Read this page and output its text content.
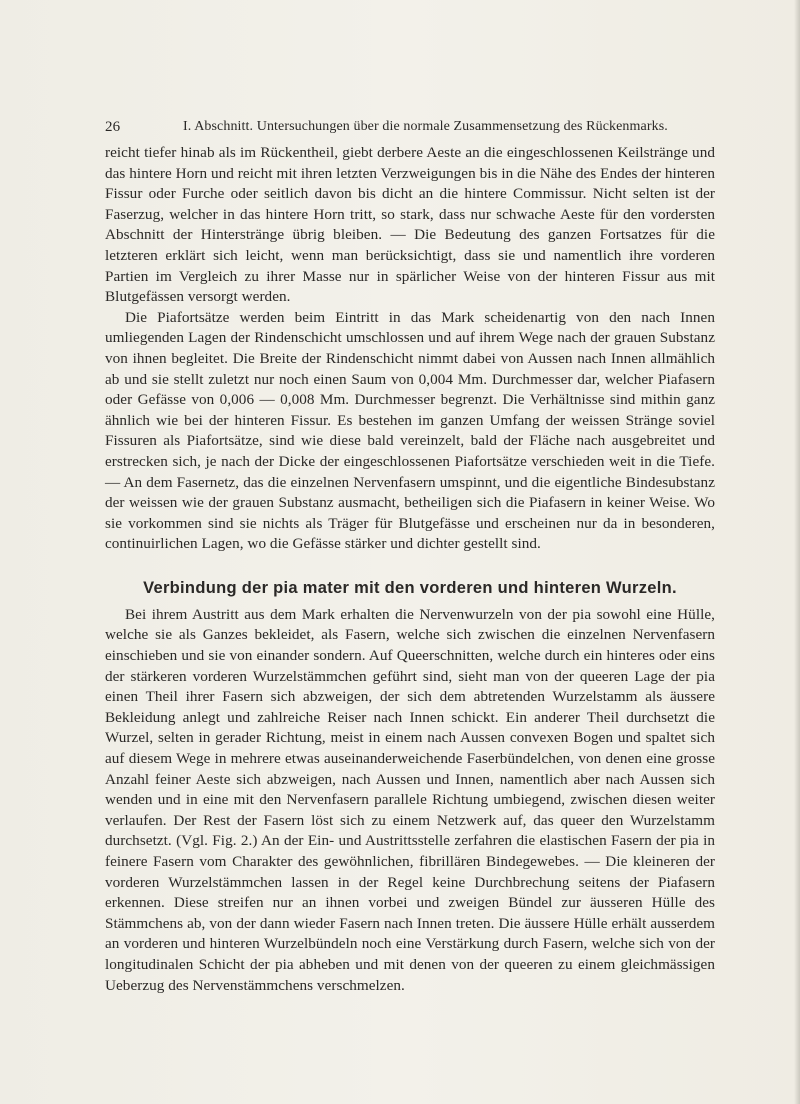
26	I. Abschnitt. Untersuchungen über die normale Zusammensetzung des Rückenmarks.

reicht tiefer hinab als im Rückentheil, giebt derbere Aeste an die eingeschlossenen Keilstränge und das hintere Horn und reicht mit ihren letzten Verzweigungen bis in die Nähe des Endes der hinteren Fissur oder Furche oder seitlich davon bis dicht an die hintere Commissur. Nicht selten ist der Faserzug, welcher in das hintere Horn tritt, so stark, dass nur schwache Aeste für den vordersten Abschnitt der Hinterstränge übrig bleiben. — Die Bedeutung des ganzen Fortsatzes für die letzteren erklärt sich leicht, wenn man berücksichtigt, dass sie und namentlich ihre vorderen Partien im Vergleich zu ihrer Masse nur in spärlicher Weise von der hinteren Fissur aus mit Blutgefässen versorgt werden.

Die Piafortsätze werden beim Eintritt in das Mark scheidenartig von den nach Innen umliegenden Lagen der Rindenschicht umschlossen und auf ihrem Wege nach der grauen Substanz von ihnen begleitet. Die Breite der Rindenschicht nimmt dabei von Aussen nach Innen allmählich ab und sie stellt zuletzt nur noch einen Saum von 0,004 Mm. Durchmesser dar, welcher Piafasern oder Gefässe von 0,006 — 0,008 Mm. Durchmesser begrenzt. Die Verhältnisse sind mithin ganz ähnlich wie bei der hinteren Fissur. Es bestehen im ganzen Umfang der weissen Stränge soviel Fissuren als Piafortsätze, sind wie diese bald vereinzelt, bald der Fläche nach ausgebreitet und erstrecken sich, je nach der Dicke der eingeschlossenen Piafortsätze verschieden weit in die Tiefe. — An dem Fasernetz, das die einzelnen Nervenfasern umspinnt, und die eigentliche Bindesubstanz der weissen wie der grauen Substanz ausmacht, betheiligen sich die Piafasern in keiner Weise. Wo sie vorkommen sind sie nichts als Träger für Blutgefässe und erscheinen nur da in besonderen, continuirlichen Lagen, wo die Gefässe stärker und dichter gestellt sind.

Verbindung der pia mater mit den vorderen und hinteren Wurzeln.

Bei ihrem Austritt aus dem Mark erhalten die Nervenwurzeln von der pia sowohl eine Hülle, welche sie als Ganzes bekleidet, als Fasern, welche sich zwischen die einzelnen Nervenfasern einschieben und sie von einander sondern. Auf Queerschnitten, welche durch ein hinteres oder eins der stärkeren vorderen Wurzelstämmchen geführt sind, sieht man von der queeren Lage der pia einen Theil ihrer Fasern sich abzweigen, der sich dem abtretenden Wurzelstamm als äussere Bekleidung anlegt und zahlreiche Reiser nach Innen schickt. Ein anderer Theil durchsetzt die Wurzel, selten in gerader Richtung, meist in einem nach Aussen convexen Bogen und spaltet sich auf diesem Wege in mehrere etwas auseinanderweichende Faserbündelchen, von denen eine grosse Anzahl feiner Aeste sich abzweigen, nach Aussen und Innen, namentlich aber nach Aussen sich wenden und in eine mit den Nervenfasern parallele Richtung umbiegend, zwischen diesen weiter verlaufen. Der Rest der Fasern löst sich zu einem Netzwerk auf, das queer den Wurzelstamm durchsetzt. (Vgl. Fig. 2.) An der Ein- und Austrittsstelle zerfahren die elastischen Fasern der pia in feinere Fasern vom Charakter des gewöhnlichen, fibrillären Bindegewebes. — Die kleineren der vorderen Wurzelstämmchen lassen in der Regel keine Durchbrechung seitens der Piafasern erkennen. Diese streifen nur an ihnen vorbei und zweigen Bündel zur äusseren Hülle des Stämmchens ab, von der dann wieder Fasern nach Innen treten. Die äussere Hülle erhält ausserdem an vorderen und hinteren Wurzelbündeln noch eine Verstärkung durch Fasern, welche sich von der longitudinalen Schicht der pia abheben und mit denen von der queeren zu einem gleichmässigen Ueberzug des Nervenstämmchens verschmelzen.
